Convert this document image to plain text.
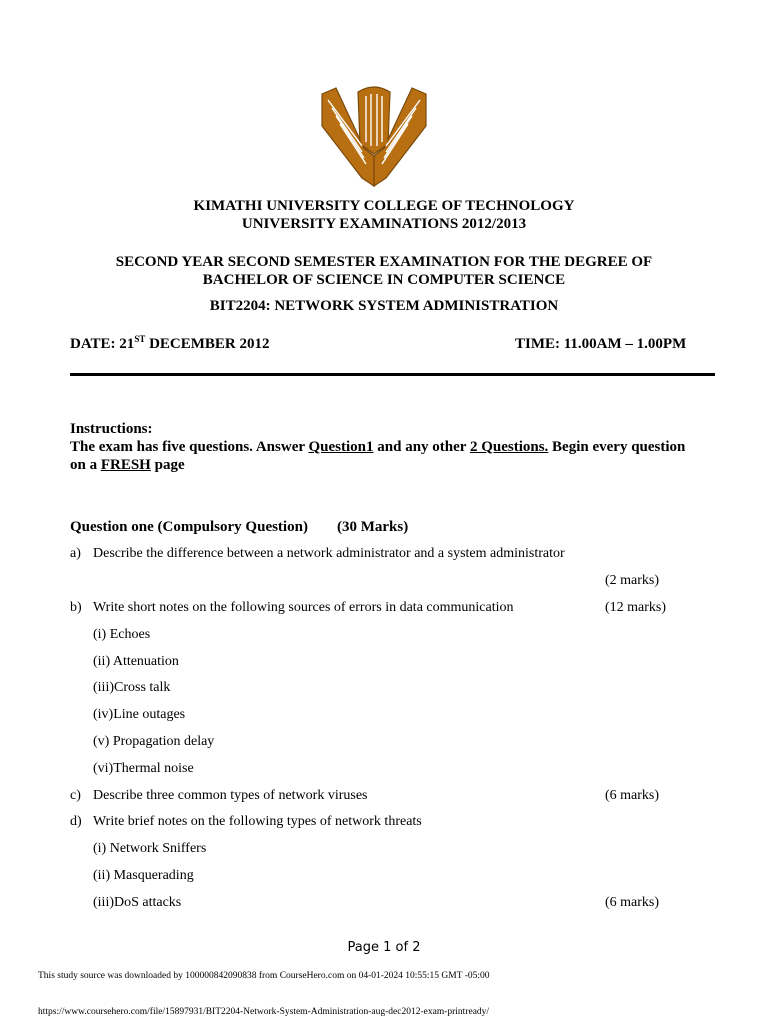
KIMATHI UNIVERSITY COLLEGE OF TECHNOLOGY
UNIVERSITY EXAMINATIONS 2012/2013
SECOND YEAR SECOND SEMESTER EXAMINATION FOR THE DEGREE OF
BACHELOR OF SCIENCE IN COMPUTER SCIENCE
BIT2204: NETWORK SYSTEM ADMINISTRATION
DATE: 21ST DECEMBER 2012	TIME: 11.00AM – 1.00PM
Instructions:
The exam has five questions. Answer Question1 and any other 2 Questions. Begin every question
on a FRESH page
Question one (Compulsory Question) (30 Marks)
a) Describe the difference between a network administrator and a system administrator
(2 marks)
b) Write short notes on the following sources of errors in data communication	(12 marks)
(i) Echoes
(ii) Attenuation
(iii)Cross talk
(iv)Line outages
(v) Propagation delay
(vi)Thermal noise
c) Describe three common types of network viruses	(6 marks)
d) Write brief notes on the following types of network threats
(i) Network Sniffers
(ii) Masquerading
(iii)DoS attacks	(6 marks)
Page 1 of 2
This study source was downloaded by 100000842090838 from CourseHero.com on 04-01-2024 10:55:15 GMT -05:00
https://www.coursehero.com/file/15897931/BIT2204-Network-System-Administration-aug-dec2012-exam-printready/
